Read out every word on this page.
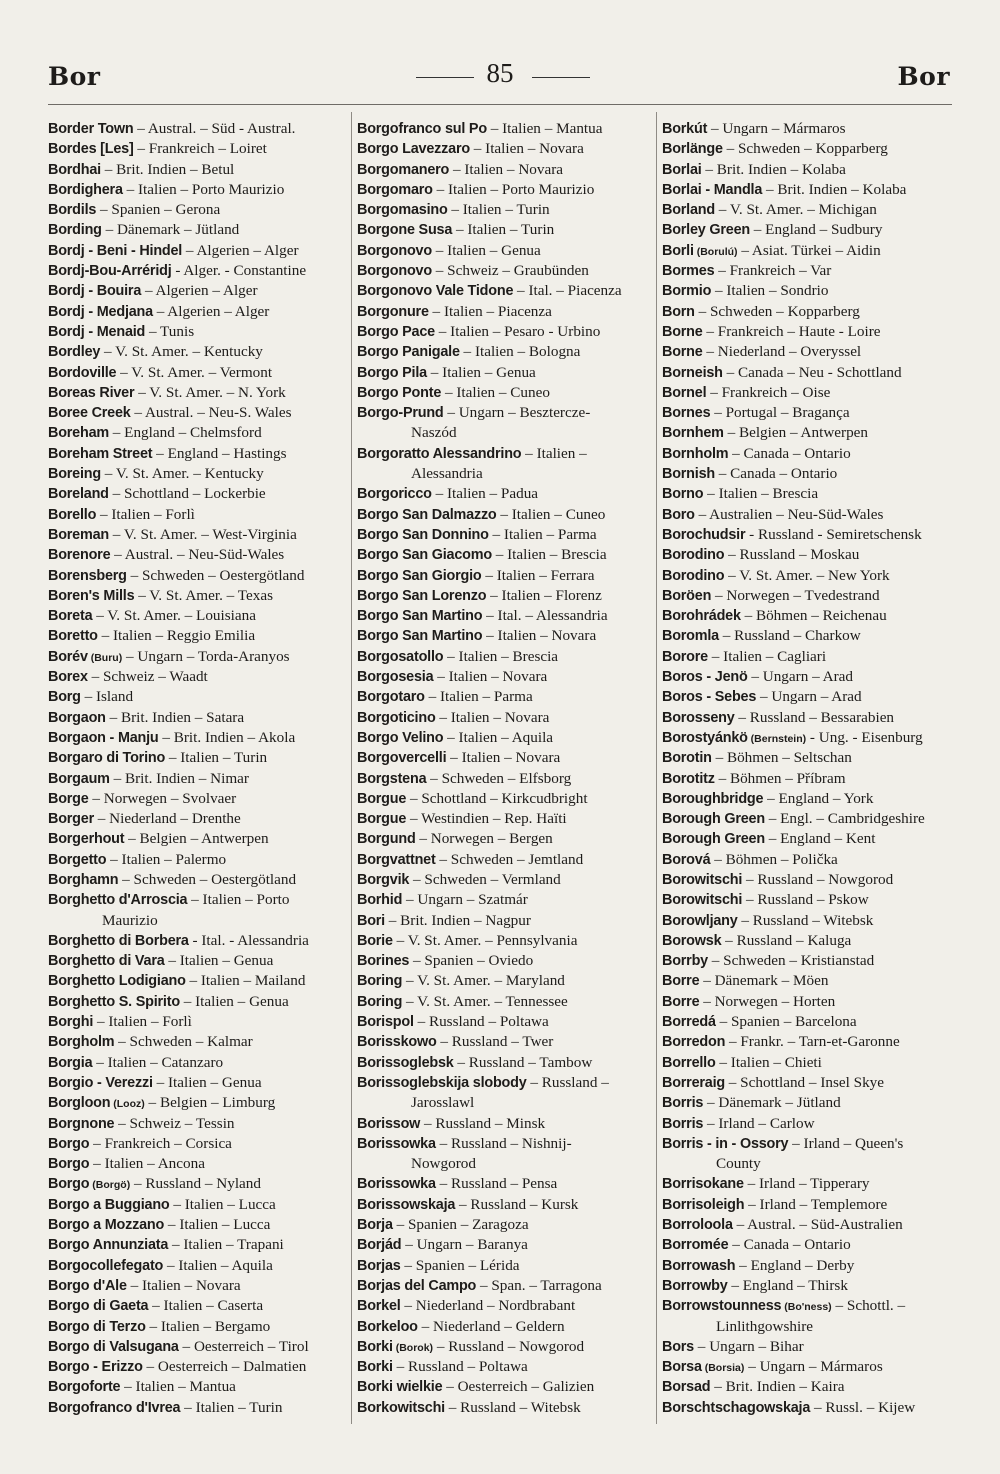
Bor	85	Bor
Border Town – Austral. – Süd - Austral.
Bordes [Les] – Frankreich – Loiret
Bordhai – Brit. Indien – Betul
Bordighera – Italien – Porto Maurizio
Bordils – Spanien – Gerona
Bording – Dänemark – Jütland
Bordj - Beni - Hindel – Algerien – Alger
Bordj-Bou-Arréridj - Alger. - Constantine
Bordj - Bouira – Algerien – Alger
Bordj - Medjana – Algerien – Alger
Bordj - Menaid – Tunis
Bordley – V. St. Amer. – Kentucky
Bordoville – V. St. Amer. – Vermont
Boreas River – V. St. Amer. – N. York
Boree Creek – Austral. – Neu-S. Wales
Boreham – England – Chelmsford
Boreham Street – England – Hastings
Boreing – V. St. Amer. – Kentucky
Boreland – Schottland – Lockerbie
Borello – Italien – Forlì
Boreman – V. St. Amer. – West-Virginia
Borenore – Austral. – Neu-Süd-Wales
Borensberg – Schweden – Oestergötland
Boren's Mills – V. St. Amer. – Texas
Boreta – V. St. Amer. – Louisiana
Boretto – Italien – Reggio Emilia
Borév (Buru) – Ungarn – Torda-Aranyos
Borex – Schweiz – Waadt
Borg – Island
Borgaon – Brit. Indien – Satara
Borgaon - Manju – Brit. Indien – Akola
Borgaro di Torino – Italien – Turin
Borgaum – Brit. Indien – Nimar
Borge – Norwegen – Svolvaer
Borger – Niederland – Drenthe
Borgerhout – Belgien – Antwerpen
Borgetto – Italien – Palermo
Borghamn – Schweden – Oestergötland
Borghetto d'Arroscia – Italien – Porto
Maurizio
Borghetto di Borbera - Ital. - Alessandria
Borghetto di Vara – Italien – Genua
Borghetto Lodigiano – Italien – Mailand
Borghetto S. Spirito – Italien – Genua
Borghi – Italien – Forlì
Borgholm – Schweden – Kalmar
Borgia – Italien – Catanzaro
Borgio - Verezzi – Italien – Genua
Borgloon (Looz) – Belgien – Limburg
Borgnone – Schweiz – Tessin
Borgo – Frankreich – Corsica
Borgo – Italien – Ancona
Borgo (Borgö) – Russland – Nyland
Borgo a Buggiano – Italien – Lucca
Borgo a Mozzano – Italien – Lucca
Borgo Annunziata – Italien – Trapani
Borgocollefegato – Italien – Aquila
Borgo d'Ale – Italien – Novara
Borgo di Gaeta – Italien – Caserta
Borgo di Terzo – Italien – Bergamo
Borgo di Valsugana – Oesterreich – Tirol
Borgo - Erizzo – Oesterreich – Dalmatien
Borgoforte – Italien – Mantua
Borgofranco d'Ivrea – Italien – Turin
Borgofranco sul Po – Italien – Mantua
Borgo Lavezzaro – Italien – Novara
Borgomanero – Italien – Novara
Borgomaro – Italien – Porto Maurizio
Borgomasino – Italien – Turin
Borgone Susa – Italien – Turin
Borgonovo – Italien – Genua
Borgonovo – Schweiz – Graubünden
Borgonovo Vale Tidone – Ital. – Piacenza
Borgonure – Italien – Piacenza
Borgo Pace – Italien – Pesaro - Urbino
Borgo Panigale – Italien – Bologna
Borgo Pila – Italien – Genua
Borgo Ponte – Italien – Cuneo
Borgo-Prund – Ungarn – Beszterczе-
Naszód
Borgoratto Alessandrino – Italien –
Alessandria
Borgoricco – Italien – Padua
Borgo San Dalmazzo – Italien – Cuneo
Borgo San Donnino – Italien – Parma
Borgo San Giacomo – Italien – Brescia
Borgo San Giorgio – Italien – Ferrara
Borgo San Lorenzo – Italien – Florenz
Borgo San Martino – Ital. – Alessandria
Borgo San Martino – Italien – Novara
Borgosatollo – Italien – Brescia
Borgosesia – Italien – Novara
Borgotaro – Italien – Parma
Borgoticino – Italien – Novara
Borgo Velino – Italien – Aquila
Borgovercelli – Italien – Novara
Borgstena – Schweden – Elfsborg
Borgue – Schottland – Kirkcudbright
Borgue – Westindien – Rep. Haïti
Borgund – Norwegen – Bergen
Borgvattnet – Schweden – Jemtland
Borgvik – Schweden – Vermland
Borhid – Ungarn – Szatmár
Bori – Brit. Indien – Nagpur
Borie – V. St. Amer. – Pennsylvania
Borines – Spanien – Oviedo
Boring – V. St. Amer. – Maryland
Boring – V. St. Amer. – Tennessee
Borispol – Russland – Poltawa
Borisskowo – Russland – Twer
Borissoglebsk – Russland – Tambow
Borissoglebskija slobody – Russland –
Jarosslawl
Borissow – Russland – Minsk
Borissowka – Russland – Nishnij-
Nowgorod
Borissowka – Russland – Pensa
Borissowskaja – Russland – Kursk
Borja – Spanien – Zaragoza
Borjád – Ungarn – Baranya
Borjas – Spanien – Lérida
Borjas del Campo – Span. – Tarragona
Borkel – Niederland – Nordbrabant
Borkeloo – Niederland – Geldern
Borki (Borok) – Russland – Nowgorod
Borki – Russland – Poltawa
Borki wielkie – Oesterreich – Galizien
Borkowitschi – Russland – Witebsk
Borkút – Ungarn – Mármaros
Borlänge – Schweden – Kopparberg
Borlai – Brit. Indien – Kolaba
Borlai - Mandla – Brit. Indien – Kolaba
Borland – V. St. Amer. – Michigan
Borley Green – England – Sudbury
Borli (Borulú) – Asiat. Türkei – Aidin
Bormes – Frankreich – Var
Bormio – Italien – Sondrio
Born – Schweden – Kopparberg
Borne – Frankreich – Haute - Loire
Borne – Niederland – Overyssel
Borneish – Canada – Neu - Schottland
Bornel – Frankreich – Oise
Bornes – Portugal – Bragança
Bornhem – Belgien – Antwerpen
Bornholm – Canada – Ontario
Bornish – Canada – Ontario
Borno – Italien – Brescia
Boro – Australien – Neu-Süd-Wales
Borochudsir - Russland - Semiretschensk
Borodino – Russland – Moskau
Borodino – V. St. Amer. – New York
Boröen – Norwegen – Tvedestrand
Borohrádek – Böhmen – Reichenau
Boromla – Russland – Charkow
Borore – Italien – Cagliari
Boros - Jenö – Ungarn – Arad
Boros - Sebes – Ungarn – Arad
Borosseny – Russland – Bessarabien
Borostyánkö (Bernstein) - Ung. - Eisenburg
Borotin – Böhmen – Seltschan
Borotitz – Böhmen – Příbram
Boroughbridge – England – York
Borough Green – Engl. – Cambridgeshire
Borough Green – England – Kent
Borová – Böhmen – Polička
Borowitschi – Russland – Nowgorod
Borowitschi – Russland – Pskow
Borowljany – Russland – Witebsk
Borowsk – Russland – Kaluga
Borrby – Schweden – Kristianstad
Borre – Dänemark – Möen
Borre – Norwegen – Horten
Borredá – Spanien – Barcelona
Borredon – Frankr. – Tarn-et-Garonne
Borrello – Italien – Chieti
Borreraig – Schottland – Insel Skye
Borris – Dänemark – Jütland
Borris – Irland – Carlow
Borris - in - Ossory – Irland – Queen's
County
Borrisokane – Irland – Tipperary
Borrisoleigh – Irland – Templemore
Borroloola – Austral. – Süd-Australien
Borromée – Canada – Ontario
Borrowash – England – Derby
Borrowby – England – Thirsk
Borrowstounness (Bo'ness) – Schottl. –
Linlithgowshire
Bors – Ungarn – Bihar
Borsa (Borsia) – Ungarn – Mármaros
Borsad – Brit. Indien – Kaira
Borschtschagowskaja – Russl. – Kijew
